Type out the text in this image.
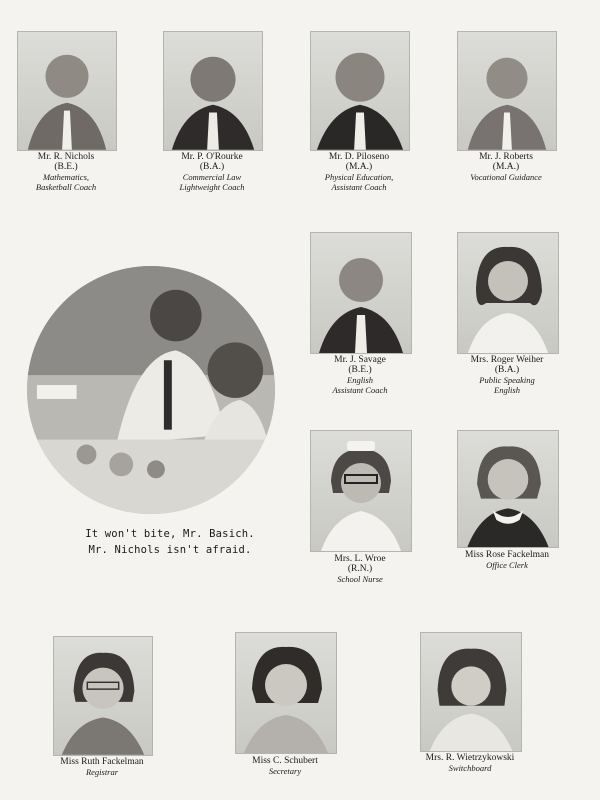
Mr. R. Nichols
(B.E.)
Mathematics,
Basketball Coach
Mr. P. O'Rourke
(B.A.)
Commercial Law
Lightweight Coach
Mr. D. Piloseno
(M.A.)
Physical Education,
Assistant Coach
Mr. J. Roberts
(M.A.)
Vocational Guidance
It won't bite, Mr. Basich.
Mr. Nichols isn't afraid.
Mr. J. Savage
(B.E.)
English
Assistant Coach
Mrs. Roger Weiher
(B.A.)
Public Speaking
English
Mrs. L. Wroe
(R.N.)
School Nurse
Miss Rose Fackelman
Office Clerk
Miss Ruth Fackelman
Registrar
Miss C. Schubert
Secretary
Mrs. R. Wietrzykowski
Switchboard
